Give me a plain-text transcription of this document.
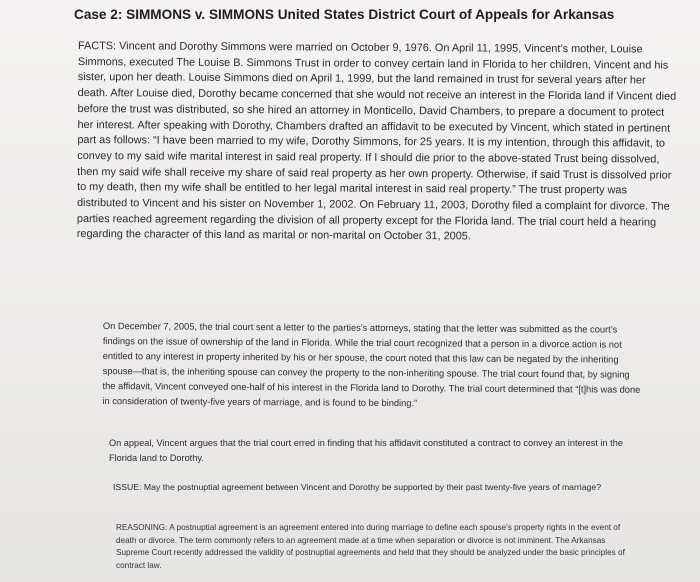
Case 2: SIMMONS v. SIMMONS United States District Court of Appeals for Arkansas

FACTS: Vincent and Dorothy Simmons were married on October 9, 1976. On April 11, 1995, Vincent’s mother, Louise Simmons, executed The Louise B. Simmons Trust in order to convey certain land in Florida to her children, Vincent and his sister, upon her death. Louise Simmons died on April 1, 1999, but the land remained in trust for several years after her death. After Louise died, Dorothy became concerned that she would not receive an interest in the Florida land if Vincent died before the trust was distributed, so she hired an attorney in Monticello, David Chambers, to prepare a document to protect her interest. After speaking with Dorothy, Chambers drafted an affidavit to be executed by Vincent, which stated in pertinent part as follows: “I have been married to my wife, Dorothy Simmons, for 25 years. It is my intention, through this affidavit, to convey to my said wife marital interest in said real property. If I should die prior to the above-stated Trust being dissolved, then my said wife shall receive my share of said real property as her own property. Otherwise, if said Trust is dissolved prior to my death, then my wife shall be entitled to her legal marital interest in said real property.” The trust property was distributed to Vincent and his sister on November 1, 2002. On February 11, 2003, Dorothy filed a complaint for divorce. The parties reached agreement regarding the division of all property except for the Florida land. The trial court held a hearing regarding the character of this land as marital or non-marital on October 31, 2005.

On December 7, 2005, the trial court sent a letter to the parties’s attorneys, stating that the letter was submitted as the court’s findings on the issue of ownership of the land in Florida. While the trial court recognized that a person in a divorce action is not entitled to any interest in property inherited by his or her spouse, the court noted that this law can be negated by the inheriting spouse—that is, the inheriting spouse can convey the property to the non-inheriting spouse. The trial court found that, by signing the affidavit, Vincent conveyed one-half of his interest in the Florida land to Dorothy. The trial court determined that “[t]his was done in consideration of twenty-five years of marriage, and is found to be binding.”

On appeal, Vincent argues that the trial court erred in finding that his affidavit constituted a contract to convey an interest in the Florida land to Dorothy.

ISSUE: May the postnuptial agreement between Vincent and Dorothy be supported by their past twenty-five years of marriage?

REASONING: A postnuptial agreement is an agreement entered into during marriage to define each spouse’s property rights in the event of death or divorce. The term commonly refers to an agreement made at a time when separation or divorce is not imminent. The Arkansas Supreme Court recently addressed the validity of postnuptial agreements and held that they should be analyzed under the basic principles of contract law.
